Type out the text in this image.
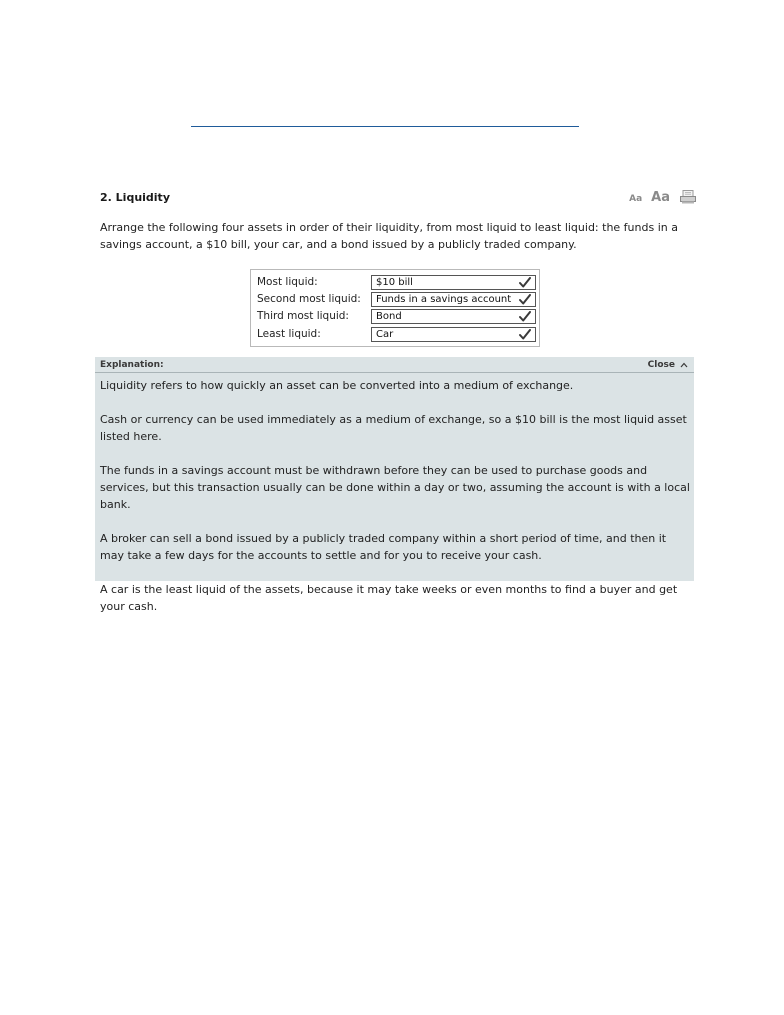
2. Liquidity	Aa Aa
Arrange the following four assets in order of their liquidity, from most liquid to least liquid: the funds in a savings account, a $10 bill, your car, and a bond issued by a publicly traded company.
Most liquid:	$10 bill
Second most liquid: Funds in a savings account
Third most liquid:	Bond
Least liquid:	Car
Explanation:	Close

Liquidity refers to how quickly an asset can be converted into a medium of exchange.

Cash or currency can be used immediately as a medium of exchange, so a $10 bill is the most liquid asset listed here.

The funds in a savings account must be withdrawn before they can be used to purchase goods and services, but this transaction usually can be done within a day or two, assuming the account is with a local bank.

A broker can sell a bond issued by a publicly traded company within a short period of time, and then it may take a few days for the accounts to settle and for you to receive your cash.

A car is the least liquid of the assets, because it may take weeks or even months to find a buyer and get your cash.
